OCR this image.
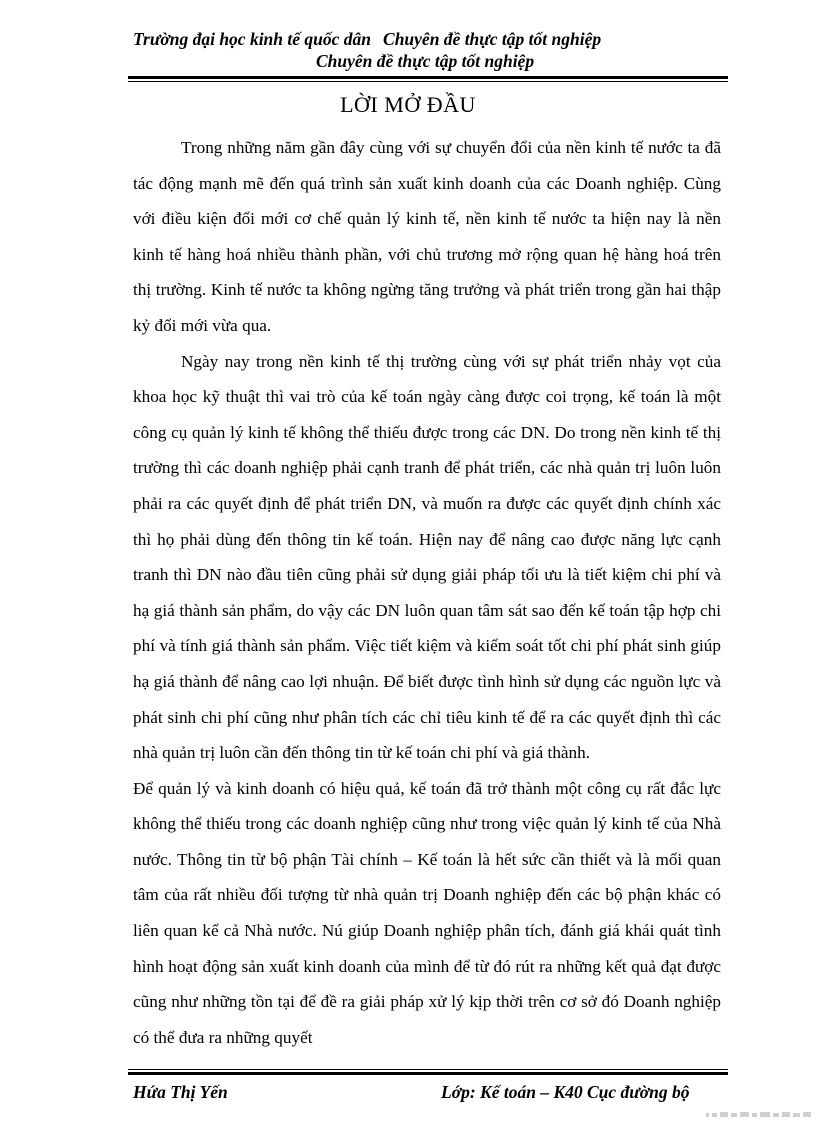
Trường đại học kinh tế quốc dân Chuyên đề thực tập tốt nghiệp
Chuyên đề thực tập tốt nghiệp
LỜI MỞ ĐẦU

Trong những năm gần đây cùng với sự chuyển đổi của nền kinh tế nước ta đã tác động mạnh mẽ đến quá trình sản xuất kinh doanh của các Doanh nghiệp. Cùng với điều kiện đổi mới cơ chế quản lý kinh tế, nền kinh tế nước ta hiện nay là nền kinh tế hàng hoá nhiều thành phần, với chủ trương mở rộng quan hệ hàng hoá trên thị trường. Kinh tế nước ta không ngừng tăng trưởng và phát triển trong gần hai thập kỷ đổi mới vừa qua.

Ngày nay trong nền kinh tế thị trường cùng với sự phát triển nhảy vọt của khoa học kỹ thuật thì vai trò của kế toán ngày càng được coi trọng, kế toán là một công cụ quản lý kinh tế không thể thiếu được trong các DN. Do trong nền kinh tế thị trường thì các doanh nghiệp phải cạnh tranh để phát triển, các nhà quản trị luôn luôn phải ra các quyết định để phát triển DN, và muốn ra được các quyết định chính xác thì họ phải dùng đến thông tin kế toán. Hiện nay để nâng cao được năng lực cạnh tranh thì DN nào đầu tiên cũng phải sử dụng giải pháp tối ưu là tiết kiệm chi phí và hạ giá thành sản phẩm, do vậy các DN luôn quan tâm sát sao đến kế toán tập hợp chi phí và tính giá thành sản phẩm. Việc tiết kiệm và kiểm soát tốt chi phí phát sinh giúp hạ giá thành để nâng cao lợi nhuận. Để biết được tình hình sử dụng các nguồn lực và phát sinh chi phí cũng như phân tích các chỉ tiêu kinh tế để ra các quyết định thì các nhà quản trị luôn cần đến thông tin từ kế toán chi phí và giá thành.

Để quản lý và kinh doanh có hiệu quả, kế toán đã trở thành một công cụ rất đắc lực không thể thiếu trong các doanh nghiệp cũng như trong việc quản lý kinh tế của Nhà nước. Thông tin từ bộ phận Tài chính – Kế toán là hết sức cần thiết và là mối quan tâm của rất nhiều đối tượng từ nhà quản trị Doanh nghiệp đến các bộ phận khác có liên quan kể cả Nhà nước. Nú giúp Doanh nghiệp phân tích, đánh giá khái quát tình hình hoạt động sản xuất kinh doanh của mình để từ đó rút ra những kết quả đạt được cũng như những tồn tại để đề ra giải pháp xử lý kịp thời trên cơ sở đó Doanh nghiệp có thể đưa ra những quyết

Hứa Thị Yến	Lớp: Kế toán – K40 Cục đường bộ
